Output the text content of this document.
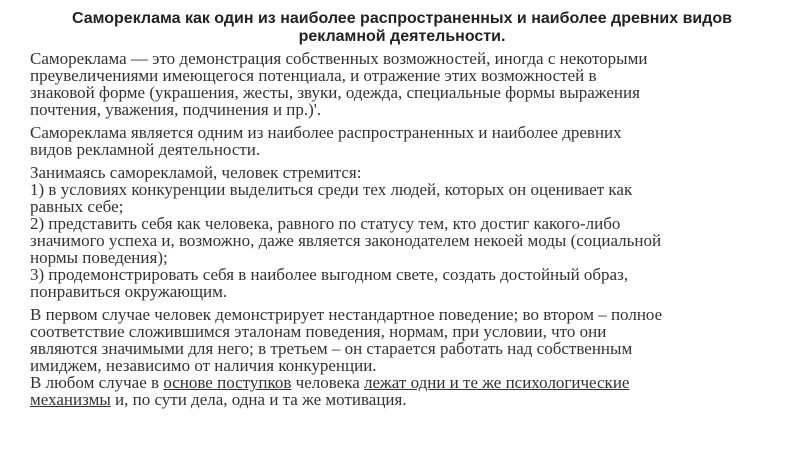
Самореклама как один из наиболее распространенных и наиболее древних видов
рекламной деятельности.
Самореклама — это демонстрация собственных возможностей, иногда с некоторыми
преувеличениями имеющегося потенциала, и отражение этих возможностей в
знаковой форме (украшения, жесты, звуки, одежда, специальные формы выражения
почтения, уважения, подчинения и пр.)'.
Самореклама является одним из наиболее распространенных и наиболее древних
видов рекламной деятельности.
Занимаясь саморекламой, человек стремится:
1) в условиях конкуренции выделиться среди тех людей, которых он оценивает как
равных себе;
2) представить себя как человека, равного по статусу тем, кто достиг какого-либо
значимого успеха и, возможно, даже является законодателем некоей моды (социальной
нормы поведения);
3) продемонстрировать себя в наиболее выгодном свете, создать достойный образ,
понравиться окружающим.
В первом случае человек демонстрирует нестандартное поведение; во втором – полное
соответствие сложившимся эталонам поведения, нормам, при условии, что они
являются значимыми для него; в третьем – он старается работать над собственным
имиджем, независимо от наличия конкуренции.
В любом случае в основе поступков человека лежат одни и те же психологические
механизмы и, по сути дела, одна и та же мотивация.
